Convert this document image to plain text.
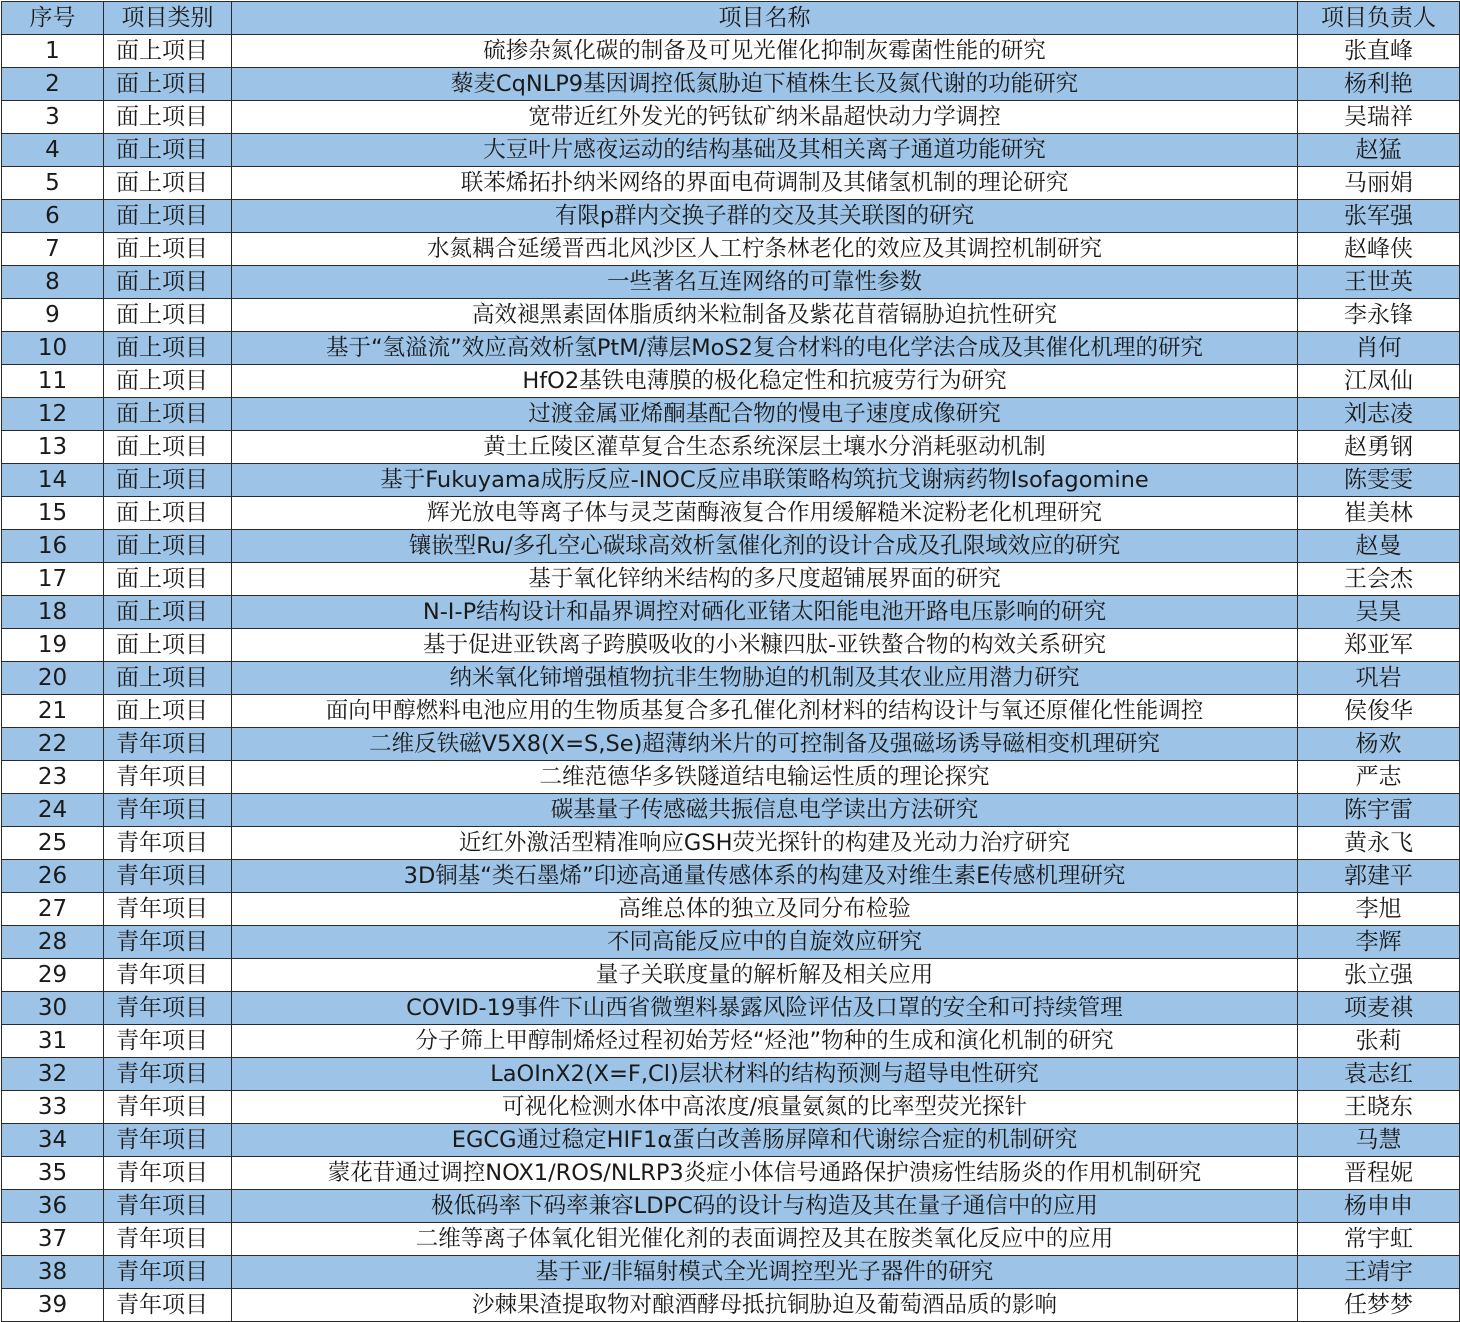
序号	项目类别	项目名称	项目负责人
1	面上项目	硫掺杂氮化碳的制备及可见光催化抑制灰霉菌性能的研究	张直峰
2	面上项目	藜麦CqNLP9基因调控低氮胁迫下植株生长及氮代谢的功能研究	杨利艳
3	面上项目	宽带近红外发光的钙钛矿纳米晶超快动力学调控	吴瑞祥
4	面上项目	大豆叶片感夜运动的结构基础及其相关离子通道功能研究	赵猛
5	面上项目	联苯烯拓扑纳米网络的界面电荷调制及其储氢机制的理论研究	马丽娟
6	面上项目	有限p群内交换子群的交及其关联图的研究	张军强
7	面上项目	水氮耦合延缓晋西北风沙区人工柠条林老化的效应及其调控机制研究	赵峰侠
8	面上项目	一些著名互连网络的可靠性参数	王世英
9	面上项目	高效褪黑素固体脂质纳米粒制备及紫花苜蓿镉胁迫抗性研究	李永锋
10	面上项目	基于“氢溢流”效应高效析氢PtM/薄层MoS2复合材料的电化学法合成及其催化机理的研究	肖何
11	面上项目	HfO2基铁电薄膜的极化稳定性和抗疲劳行为研究	江凤仙
12	面上项目	过渡金属亚烯酮基配合物的慢电子速度成像研究	刘志凌
13	面上项目	黄土丘陵区灌草复合生态系统深层土壤水分消耗驱动机制	赵勇钢
14	面上项目	基于Fukuyama成肟反应-INOC反应串联策略构筑抗戈谢病药物Isofagomine	陈雯雯
15	面上项目	辉光放电等离子体与灵芝菌酶液复合作用缓解糙米淀粉老化机理研究	崔美林
16	面上项目	镶嵌型Ru/多孔空心碳球高效析氢催化剂的设计合成及孔限域效应的研究	赵曼
17	面上项目	基于氧化锌纳米结构的多尺度超铺展界面的研究	王会杰
18	面上项目	N-I-P结构设计和晶界调控对硒化亚锗太阳能电池开路电压影响的研究	吴昊
19	面上项目	基于促进亚铁离子跨膜吸收的小米糠四肽-亚铁螯合物的构效关系研究	郑亚军
20	面上项目	纳米氧化铈增强植物抗非生物胁迫的机制及其农业应用潜力研究	巩岩
21	面上项目	面向甲醇燃料电池应用的生物质基复合多孔催化剂材料的结构设计与氧还原催化性能调控	侯俊华
22	青年项目	二维反铁磁V5X8(X=S,Se)超薄纳米片的可控制备及强磁场诱导磁相变机理研究	杨欢
23	青年项目	二维范德华多铁隧道结电输运性质的理论探究	严志
24	青年项目	碳基量子传感磁共振信息电学读出方法研究	陈宇雷
25	青年项目	近红外激活型精准响应GSH荧光探针的构建及光动力治疗研究	黄永飞
26	青年项目	3D铜基“类石墨烯”印迹高通量传感体系的构建及对维生素E传感机理研究	郭建平
27	青年项目	高维总体的独立及同分布检验	李旭
28	青年项目	不同高能反应中的自旋效应研究	李辉
29	青年项目	量子关联度量的解析解及相关应用	张立强
30	青年项目	COVID-19事件下山西省微塑料暴露风险评估及口罩的安全和可持续管理	项麦祺
31	青年项目	分子筛上甲醇制烯烃过程初始芳烃“烃池”物种的生成和演化机制的研究	张莉
32	青年项目	LaOInX2(X=F,Cl)层状材料的结构预测与超导电性研究	袁志红
33	青年项目	可视化检测水体中高浓度/痕量氨氮的比率型荧光探针	王晓东
34	青年项目	EGCG通过稳定HIF1α蛋白改善肠屏障和代谢综合症的机制研究	马慧
35	青年项目	蒙花苷通过调控NOX1/ROS/NLRP3炎症小体信号通路保护溃疡性结肠炎的作用机制研究	晋程妮
36	青年项目	极低码率下码率兼容LDPC码的设计与构造及其在量子通信中的应用	杨申申
37	青年项目	二维等离子体氧化钼光催化剂的表面调控及其在胺类氧化反应中的应用	常宇虹
38	青年项目	基于亚/非辐射模式全光调控型光子器件的研究	王靖宇
39	青年项目	沙棘果渣提取物对酿酒酵母抵抗铜胁迫及葡萄酒品质的影响	任梦梦
